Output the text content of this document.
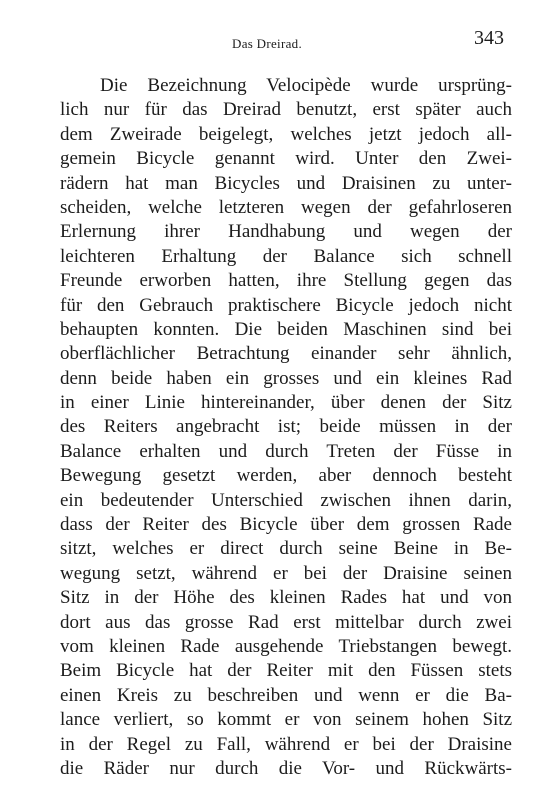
Das Dreirad.	343
Die Bezeichnung Velocipède wurde ursprüng-
lich nur für das Dreirad benutzt, erst später auch
dem Zweirade beigelegt, welches jetzt jedoch all-
gemein Bicycle genannt wird. Unter den Zwei-
rädern hat man Bicycles und Draisinen zu unter-
scheiden, welche letzteren wegen der gefahrloseren
Erlernung ihrer Handhabung und wegen der
leichteren Erhaltung der Balance sich schnell
Freunde erworben hatten, ihre Stellung gegen das
für den Gebrauch praktischere Bicycle jedoch nicht
behaupten konnten. Die beiden Maschinen sind bei
oberflächlicher Betrachtung einander sehr ähnlich,
denn beide haben ein grosses und ein kleines Rad
in einer Linie hintereinander, über denen der Sitz
des Reiters angebracht ist; beide müssen in der
Balance erhalten und durch Treten der Füsse in
Bewegung gesetzt werden, aber dennoch besteht
ein bedeutender Unterschied zwischen ihnen darin,
dass der Reiter des Bicycle über dem grossen Rade
sitzt, welches er direct durch seine Beine in Be-
wegung setzt, während er bei der Draisine seinen
Sitz in der Höhe des kleinen Rades hat und von
dort aus das grosse Rad erst mittelbar durch zwei
vom kleinen Rade ausgehende Triebstangen bewegt.
Beim Bicycle hat der Reiter mit den Füssen stets
einen Kreis zu beschreiben und wenn er die Ba-
lance verliert, so kommt er von seinem hohen Sitz
in der Regel zu Fall, während er bei der Draisine
die Räder nur durch die Vor- und Rückwärts-
